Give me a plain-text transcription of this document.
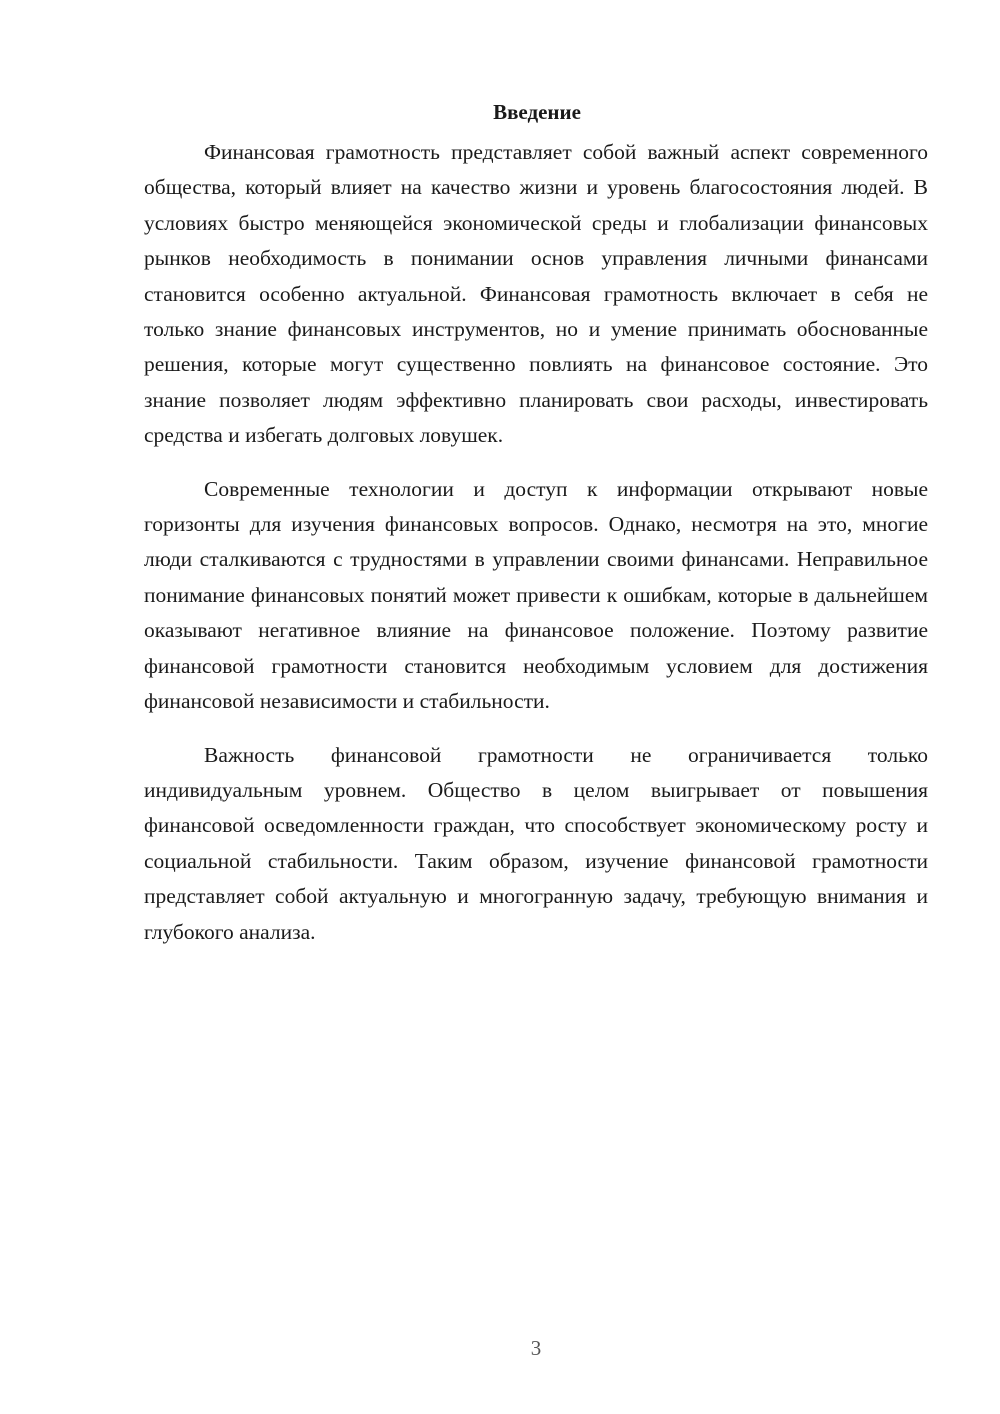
Введение

Финансовая грамотность представляет собой важный аспект современного общества, который влияет на качество жизни и уровень благосостояния людей. В условиях быстро меняющейся экономической среды и глобализации финансовых рынков необходимость в понимании основ управления личными финансами становится особенно актуальной. Финансовая грамотность включает в себя не только знание финансовых инструментов, но и умение принимать обоснованные решения, которые могут существенно повлиять на финансовое состояние. Это знание позволяет людям эффективно планировать свои расходы, инвестировать средства и избегать долговых ловушек.

Современные технологии и доступ к информации открывают новые горизонты для изучения финансовых вопросов. Однако, несмотря на это, многие люди сталкиваются с трудностями в управлении своими финансами. Неправильное понимание финансовых понятий может привести к ошибкам, которые в дальнейшем оказывают негативное влияние на финансовое положение. Поэтому развитие финансовой грамотности становится необходимым условием для достижения финансовой независимости и стабильности.

Важность финансовой грамотности не ограничивается только индивидуальным уровнем. Общество в целом выигрывает от повышения финансовой осведомленности граждан, что способствует экономическому росту и социальной стабильности. Таким образом, изучение финансовой грамотности представляет собой актуальную и многогранную задачу, требующую внимания и глубокого анализа.

3
